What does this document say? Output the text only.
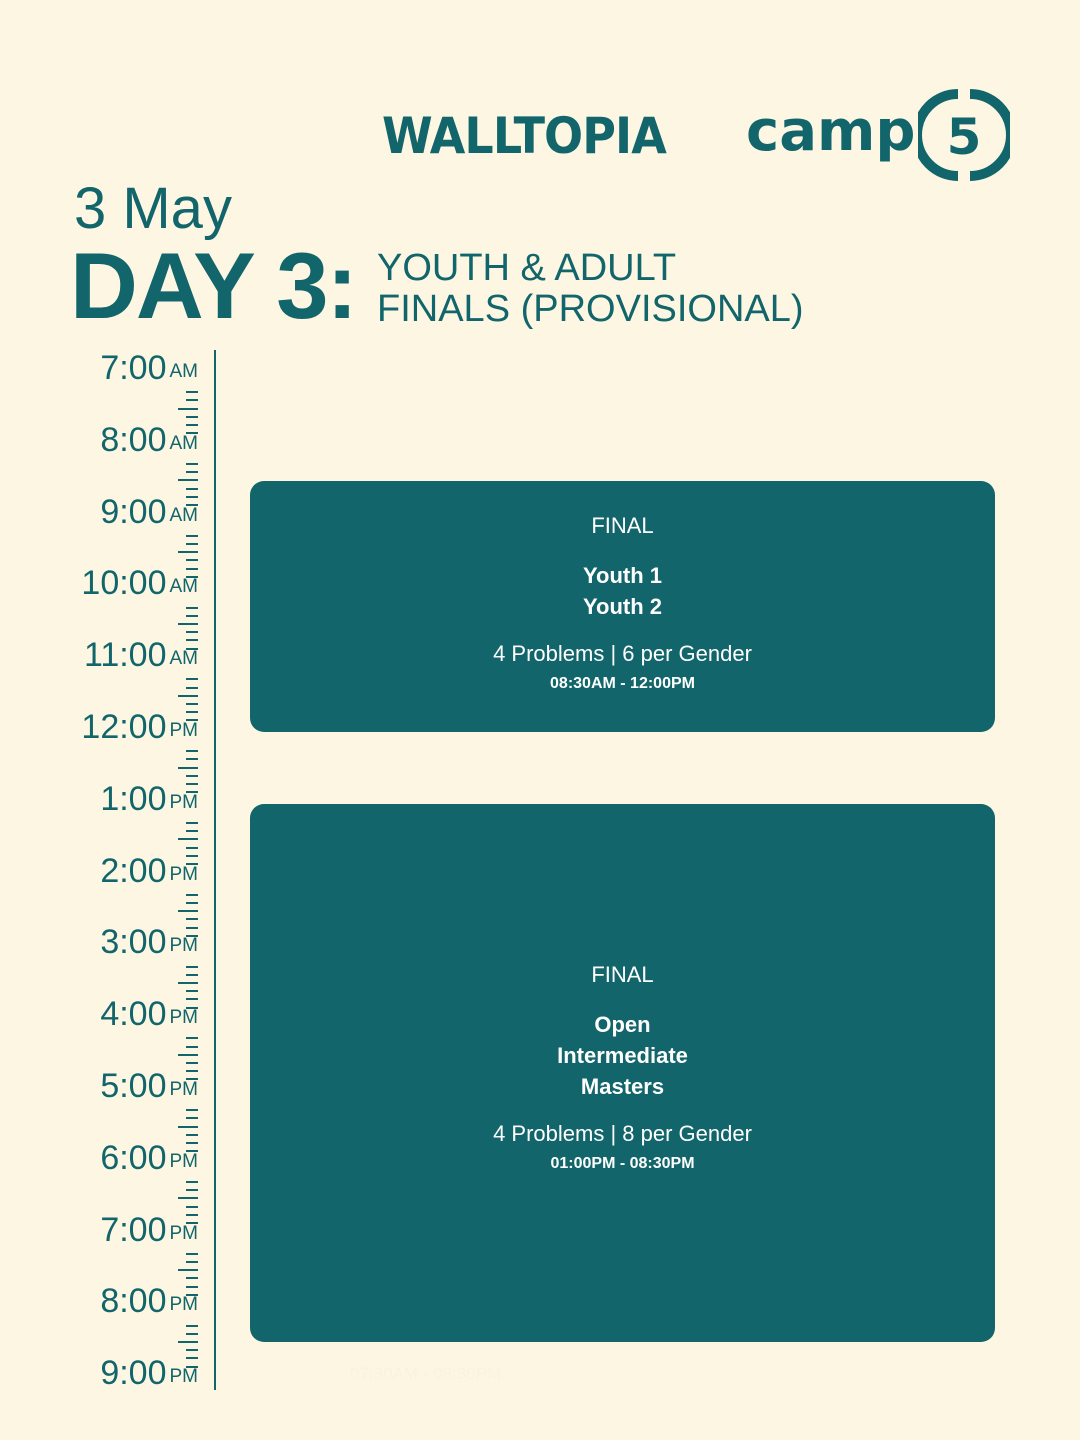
WALLTOPIA camp 5
3 May
DAY 3: YOUTH & ADULT
FINALS (PROVISIONAL)
7:00 AM
8:00 AM
9:00 AM
10:00 AM
11:00 AM
12:00 PM
1:00 PM
2:00 PM
3:00 PM
4:00 PM
5:00 PM
6:00 PM
7:00 PM
8:00 PM
9:00 PM
FINAL
Youth 1
Youth 2
4 Problems | 6 per Gender
08:30AM - 12:00PM
FINAL
Open
Intermediate
Masters
4 Problems | 8 per Gender
01:00PM - 08:30PM
07:30AM - 08:30PM
